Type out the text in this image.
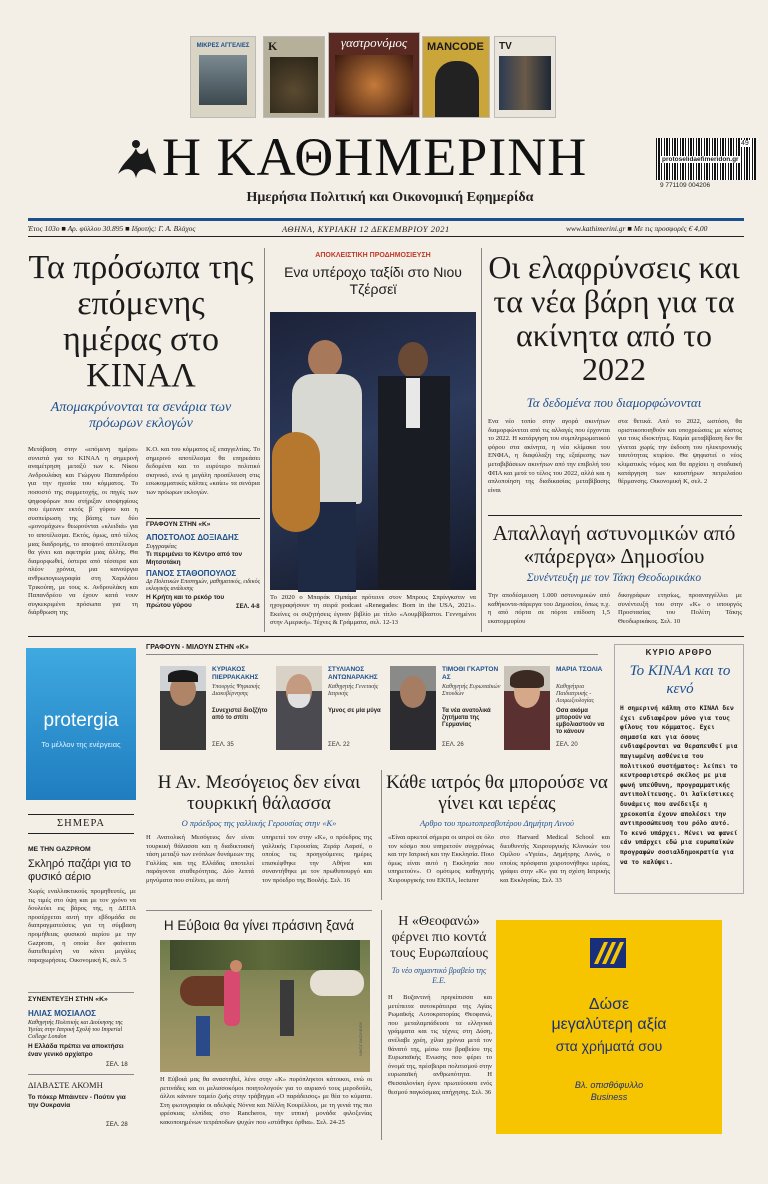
ΜΙΚΡΕΣ ΑΓΓΕΛΙΕΣ	Κ	γαστρονόμος	MANCODE TV
Η ΚΑΘΗΜΕΡΙΝΗ
Ημερήσια Πολιτική και Οικονομική Εφημερίδα
49
protoselidaefimeridon.gr
9 771109 004206
Έτος 103ο ■ Αρ. φύλλου 30.895 ■ Ιδρυτής: Γ. Α. Βλάχος	ΑΘΗΝΑ, ΚΥΡΙΑΚΗ 12 ΔΕΚΕΜΒΡΙΟΥ 2021	www.kathimerini.gr ■ Με τις προσφορές € 4,00
Τα πρόσωπα της επόμενης ημέρας στο ΚΙΝΑΛ
Απομακρύνονται τα σενάρια των πρόωρων εκλογών
Μετάβαση στην «επόμενη ημέρα» συνιστά για το ΚΙΝΑΛ η σημερινή αναμέτρηση μεταξύ των κ. Νίκου Ανδρουλάκη και Γιώργου Παπανδρέου για την ηγεσία του κόμματος. Το ποσοστό της συμμετοχής, οι πηγές των ψηφοφόρων που στήριξαν υποψηφίους που έμειναν εκτός β΄ γύρου και η συσπείρωση της βάσης των δύο «μονομάχων» θεωρούνται «κλειδιά» για το αποτέλεσμα. Εκτός, όμως, από τέλος μιας διαδρομής, το αποψινό αποτέλεσμα θα γίνει και αφετηρία μιας άλλης. Θα διαμορφωθεί, ύστερα από τέσσερα και πλέον χρόνια, μια κανούργια ανθρωπογεωγραφία στη Χαριλάου Τρικούπη, με τους κ. Ανδρουλάκη και Παπανδρέου να έχουν κατά νουν συγκεκριμένα πρόσωπα για τη διάρθρωση της
Κ.Ο. και του κόμματος εξ επαγγελτίας. Το σημερινό αποτέλεσμα θα επηρεάσει δεδομένα και το ευρύτερο πολιτικό σκηνικό, ενώ η μεγάλη προσέλευση στις εσωκομματικές κάλπες «καίει» τα σενάρια των πρόωρων εκλογών.
ΓΡΑΦΟΥΝ ΣΤΗΝ «Κ»
ΑΠΟΣΤΟΛΟΣ ΔΟΞΙΑΔΗΣ
Συγγραφέας
Τι περιμένει το Κέντρο από τον Μητσοτάκη
ΠΑΝΟΣ ΣΤΑΘΟΠΟΥΛΟΣ
Δρ Πολιτικών Επιστημών, μαθηματικός, ειδικός εκλογικής ανάλυσης
Η Κρήτη και το ρεκόρ του πρώτου γύρου	ΣΕΛ. 4-8
ΑΠΟΚΛΕΙΣΤΙΚΗ ΠΡΟΔΗΜΟΣΙΕΥΣΗ
Ενα υπέροχο ταξίδι στο Νιου Τζέρσεϊ
Το 2020 ο Μπαράκ Ομπάμα πρότεινε στον Μπρους Σπρίνγκστιν να ηχογραφήσουν τη σειρά podcast «Renegades: Born in the USA, 2021». Εκείνες οι συζητήσεις έγιναν βιβλίο με τίτλο «Αουμβίβαστοι. Γεννημένοι στην Αμερική». Τέχνες & Γράμματα, σελ. 12-13
Οι ελαφρύνσεις και τα νέα βάρη για τα ακίνητα από το 2022
Τα δεδομένα που διαμορφώνονται
Ενα νέο τοπίο στην αγορά ακινήτων διαμορφώνεται από τις αλλαγές που έρχονται το 2022. Η κατάργηση του συμπληρωματικού φόρου στα ακίνητα, η νέα κλίμακα του ΕΝΦΙΑ, η διαφύλαξη της εξαίρεσης των μεταβιβάσεων ακινήτων από την επιβολή του ΦΠΑ και μετά το τέλος του 2022, αλλά και η απλοποίηση της διαδικασίας μεταβίβασης είναι
στα θετικά. Από το 2022, ωστόσο, θα οριστικοποιηθούν και υποχρεώσεις με κόστος για τους ιδιοκτήτες. Καμία μεταβίβαση δεν θα γίνεται χωρίς την έκδοση του ηλεκτρονικής ταυτότητας κτιρίου. Θα ψηφιστεί ο νέος κλιματικός νόμος και θα αρχίσει η σταδιακή κατάργηση των καυστήρων πετρελαίου θέρμανσης. Οικονομική Κ, σελ. 2
Απαλλαγή αστυνομικών από «πάρεργα» Δημοσίου
Συνέντευξη με τον Τάκη Θεοδωρικάκο
Την αποδέσμευση 1.000 αστυνομικών από καθήκοντα-πάρεργα του Δημοσίου, όπως π.χ. η από πόρτα σε πόρτα επίδοση 1,5 εκατομμυρίου
δικογράφων ετησίως, προαναγγέλλει με συνέντευξή του στην «Κ» ο υπουργός Προστασίας του Πολίτη Τάκης Θεοδωρικάκος. Σελ. 10
protergia
Το μέλλον της ενέργειας
ΓΡΑΦΟΥΝ - ΜΙΛΟΥΝ ΣΤΗΝ «Κ»
ΚΥΡΙΑΚΟΣ ΠΙΕΡΡΑΚΑΚΗΣ
Υπουργός Ψηφιακής Διακυβέρνησης
Συνεχιστεί διοξζήτο από το σπίτι
ΣΕΛ. 35
ΣΤΥΛΙΑΝΟΣ ΑΝΤΩΝΑΡΑΚΗΣ
Καθηγητής Γενετικής Ιατρικής
Υμνος σε μία μύγα
ΣΕΛ. 22
ΤΙΜΟΘΙ ΓΚΑΡΤΟΝ ΑΣ
Καθηγητής Ευρωπαϊκών Σπουδών
Τα νέα ανατολικά ζητήματα της Γερμανίας
ΣΕΛ. 26
ΜΑΡΙΑ ΤΣΟΛΙΑ
Καθηγήτρια Παιδιατρικής - Λοιμωξιολογίας
Οσα ακόμα μπορούν να εμβολιαστούν να το κάνουν
ΣΕΛ. 20
ΚΥΡΙΟ ΑΡΘΡΟ
Το ΚΙΝΑΛ και το κενό
Η σημερινή κάλπη στο ΚΙΝΑΛ δεν έχει ενδιαφέρον μόνο για τους φίλους του κόμματος. Εχει σημασία και για όσους ενδιαφέρονται να θεραπευθεί μια παγιωμένη ασθένεια του πολιτικού συστήματος: λείπει το κεντροαριστερό σκέλος με μια φωνή υπεύθυνη, προγραμματικής αντιπολίτευσης. Οι λαϊκίστικες δυνάμεις που ανέδειξε η χρεοκοπία έχουν απολέσει την αντιπροσώπευση του ρόλο αυτό. Το κενό υπάρχει. Μένει να φανεί εάν υπάρχει εδώ μια ευρωπαϊκών προγραφών σοσιαλδημοκρατία για να το καλύψει.
Η Αν. Μεσόγειος δεν είναι τουρκική θάλασσα
Ο πρόεδρος της γαλλικής Γερουσίας στην «Κ»
Η Ανατολική Μεσόγειος δεν είναι τουρκική θάλασσα και η διαδικτυακή τάση μεταξύ των ενόπλων δυνάμεων της Γαλλίας και της Ελλάδας αποτελεί παράγοντα σταθερότητας. Δύο λεπτά μηνύματα που στέλνει, με αυτή
υπηρετεί τον στην «Κ», ο πρόεδρος της γαλλικής Γερουσίας Ζεράρ Λαρσέ, ο οποίος τις προηγούμενες ημέρες επισκέφθηκε την Αθήνα και συναντήθηκε με τον πρωθυπουργό και τον πρόεδρο της Βουλής. Σελ. 16
Κάθε ιατρός θα μπορούσε να γίνει και ιερέας
Αρθρο του πρωτοπρεσβυτέρου Δημήτρη Λινού
«Είναι αρκετοί σήμερα οι ιατροί σε όλο τον κόσμο που υπηρετούν συγχρόνως και την Ιατρική και την Εκκλησία. Ποιο όμως είναι αυτό η Εκκλησία που υπηρετούν». Ο ομότιμος καθηγητής Χειρουργικής του ΕΚΠΑ, lecturer
στο Harvard Medical School και διευθυντής Χειρουργικής Κλινικών του Ομίλου «Υγεία», Δημήτρης Λινός, ο οποίος πρόσφατα χειροτονήθηκε ιερέας, γράφει στην «Κ» για τη σχέση Ιατρικής και Εκκλησίας. Σελ. 33
ΣΗΜΕΡΑ
ΜΕ ΤΗΝ GAZPROM
Σκληρό παζάρι για το φυσικό αέριο
Χωρίς εναλλακτικούς προμηθευτές, με τις τιμές στο ύψη και με τον χρόνο να δουλεύει εις βάρος της, η ΔΕΠΑ προσέρχεται αυτή την εβδομάδα σε διαπραγματεύσεις για τη σύμβαση προμήθειας φυσικού αερίου με την Gazprom, η οποία δεν φαίνεται διατεθειμένη να κάνει μεγάλες παραχωρήσεις. Οικονομική Κ, σελ. 5
ΣΥΝΕΝΤΕΥΞΗ ΣΤΗΝ «Κ»
ΗΛΙΑΣ ΜΟΣΙΑΛΟΣ
Καθηγητής Πολιτικής και Διοίκησης της Υγείας στην Ιατρική Σχολή του Imperial College London
Η Ελλάδα πρέπει να αποκτήσει έναν γενικό αρχίατρο
ΣΕΛ. 18
ΔΙΑΒΑΣΤΕ ΑΚΟΜΗ
Το πόκερ Μπάιντεν - Πούτιν για την Ουκρανία
ΣΕΛ. 28
Η Εύβοια θα γίνει πράσινη ξανά
ΝΙΚΟΣ ΒΑΣΙΛΕΙΟΥ
Η Εύβοιά μας θα αναστηθεί, λένε στην «Κ» πυρόπληκτοι κάτοικοι, ενώ οι ρετινάδες και οι μελισσοκόμοι ποιητολογούν για το αυριανό τους μεροδούλι, άλλοι κάνουν ταμείο ζωής στην τράβηγμα «Ο παράδεισος» με θέα το κύματα. Στη φωτογραφία οι αδελφές Νόννα και Νέλλη Κουρέλλου, με τη γενιά της πιο φρέσκιας ελπίδας στο Rancheros, την ιππική μονάδα φιλοξενίας κακοποιημένων τετράποδων ψυχών που «στάθηκε όρθια». Σελ. 24-25
Η «Θεοφανώ» φέρνει πιο κοντά τους Ευρωπαίους
Το νέο σημαντικό βραβείο της Ε.Ε.
Η Βυζαντινή πριγκίπισσα και μετέπειτα αυτοκράτειρα της Αγίας Ρωμαϊκής Αυτοκρατορίας Θεοφανώ, που μεταλαμπάδευσε τα ελληνικά γράμματα και τις τέχνες στη Δύση, ανέλαβε χρέη, χίλια χρόνια μετά τον θάνατό της, μέσω του βραβείου της Ευρωπαϊκής Ενωσης που φέρει το όνομά της, πρέσβειρα πολιτισμού στην ευρωπαϊκή ανθρωπότητα. Η Θεσσαλονίκη έγινε πρωτεύουσα ενός θεσμού παγκόσμιας απήχησης. Σελ. 36
Δώσε
μεγαλύτερη αξία
στα χρήματά σου
Βλ. οπισθόφυλλο
Business
